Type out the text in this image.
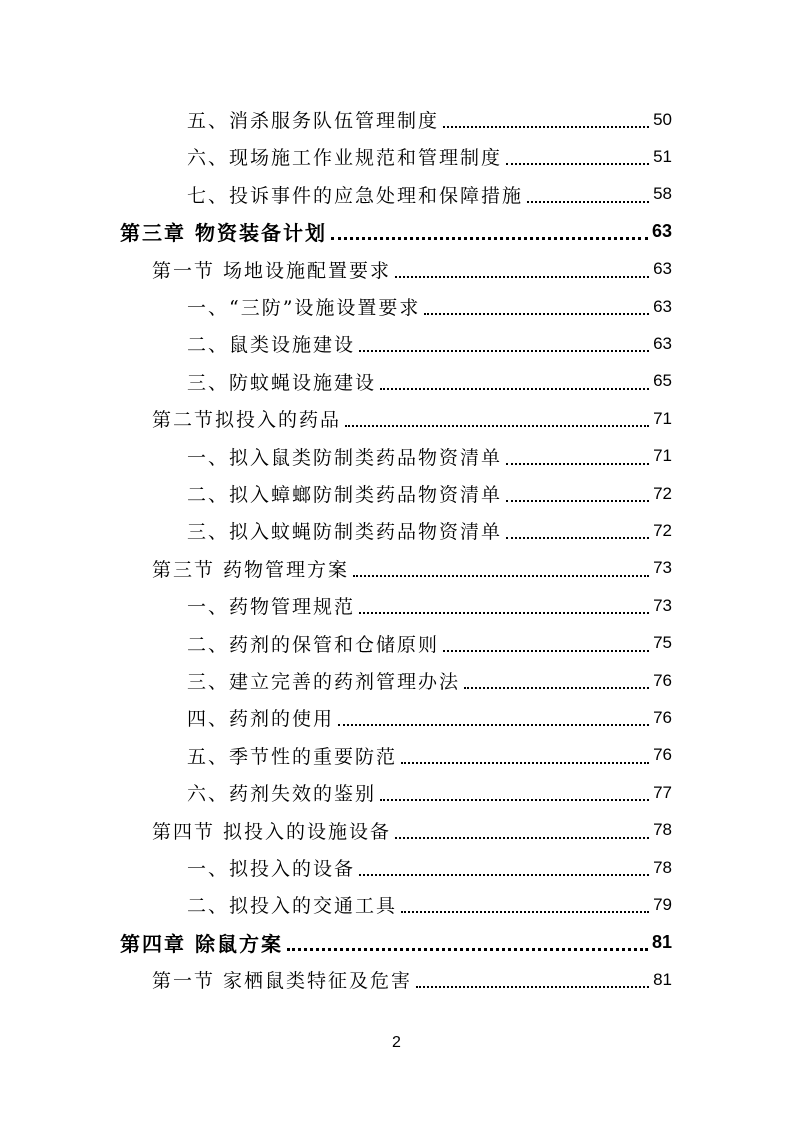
五、消杀服务队伍管理制度	50
六、现场施工作业规范和管理制度	51
七、投诉事件的应急处理和保障措施	58
第三章 物资装备计划	63
第一节 场地设施配置要求	63
一、“三防”设施设置要求	63
二、鼠类设施建设	63
三、防蚊蝇设施建设	65
第二节拟投入的药品	71
一、拟入鼠类防制类药品物资清单	71
二、拟入蟑螂防制类药品物资清单	72
三、拟入蚊蝇防制类药品物资清单	72
第三节 药物管理方案	73
一、药物管理规范	73
二、药剂的保管和仓储原则	75
三、建立完善的药剂管理办法	76
四、药剂的使用	76
五、季节性的重要防范	76
六、药剂失效的鉴别	77
第四节 拟投入的设施设备	78
一、拟投入的设备	78
二、拟投入的交通工具	79
第四章 除鼠方案	81
第一节 家栖鼠类特征及危害	81
2
